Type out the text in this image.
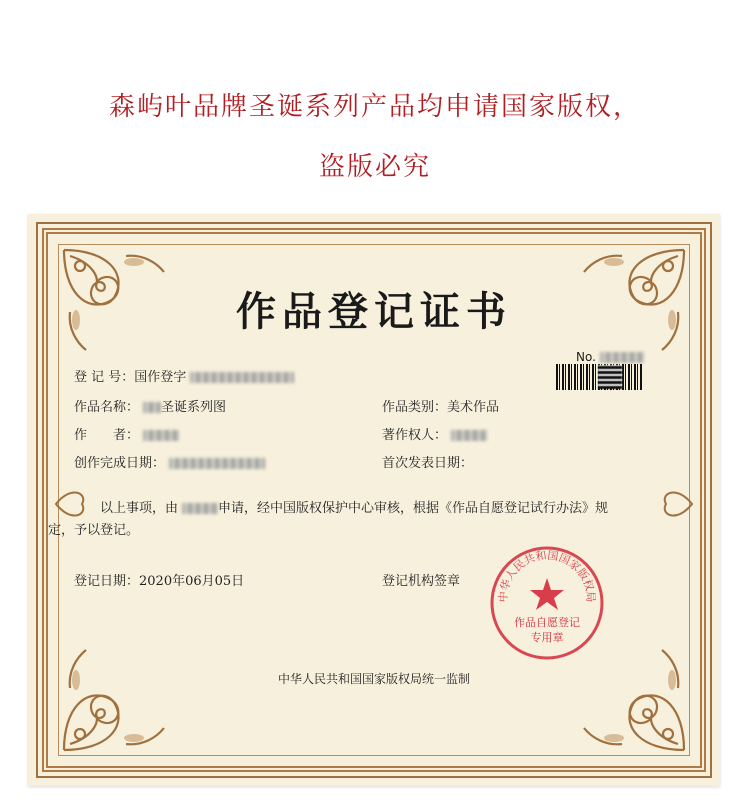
森屿叶品牌圣诞系列产品均申请国家版权，
盗版必究
作品登记证书
No.
登 记 号：国作登字
作品名称： 圣诞系列图	作品类别：美术作品
作　　者：	著作权人：
创作完成日期：	首次发表日期：
以上事项，由	申请，经中国版权保护中心审核，根据《作品自愿登记试行办法》规
定，予以登记。
登记日期：2020年06月05日	登记机构签章
中华人民共和国国家版权局
作品自愿登记
专用章
中华人民共和国国家版权局统一监制
